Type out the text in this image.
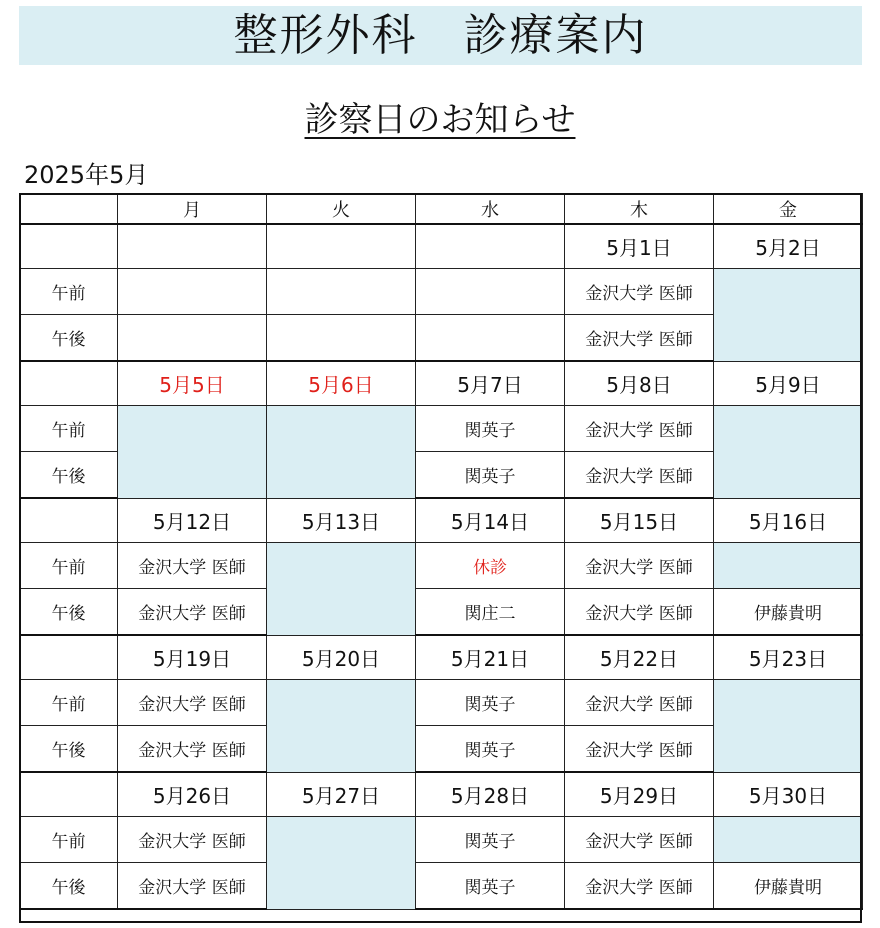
整形外科　診療案内
診察日のお知らせ
2025年5月
	月	火	水	木	金
				5月1日	5月2日
午前				金沢大学 医師	
午後				金沢大学 医師	
	5月5日	5月6日	5月7日	5月8日	5月9日
午前			関英子	金沢大学 医師	
午後			関英子	金沢大学 医師	
	5月12日	5月13日	5月14日	5月15日	5月16日
午前	金沢大学 医師		休診	金沢大学 医師	
午後	金沢大学 医師		関庄二	金沢大学 医師	伊藤貴明
	5月19日	5月20日	5月21日	5月22日	5月23日
午前	金沢大学 医師		関英子	金沢大学 医師	
午後	金沢大学 医師		関英子	金沢大学 医師	
	5月26日	5月27日	5月28日	5月29日	5月30日
午前	金沢大学 医師		関英子	金沢大学 医師	
午後	金沢大学 医師		関英子	金沢大学 医師	伊藤貴明
